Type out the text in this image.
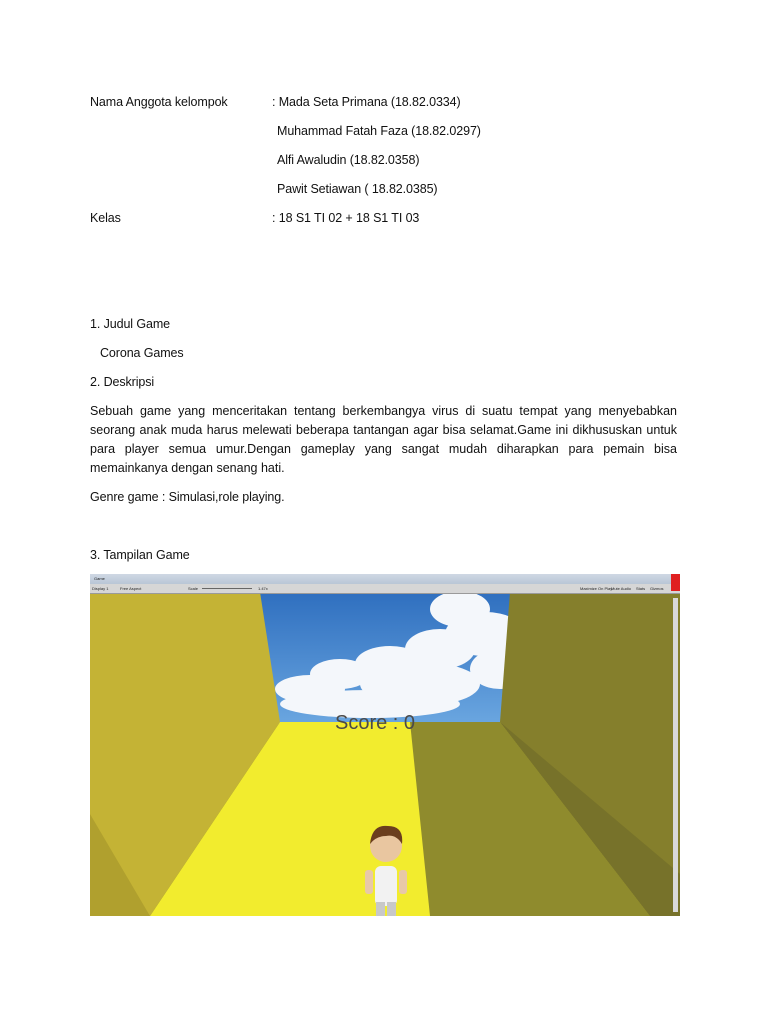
Nama Anggota kelompok	: Mada Seta Primana (18.82.0334)
Muhammad Fatah Faza (18.82.0297)
Alfi Awaludin (18.82.0358)
Pawit Setiawan ( 18.82.0385)
Kelas	: 18 S1 TI 02 + 18 S1 TI 03
1. Judul Game
Corona Games
2. Deskripsi
Sebuah game yang menceritakan tentang berkembangya virus di suatu tempat yang menyebabkan seorang anak muda harus melewati beberapa tantangan agar bisa selamat.Game ini dikhususkan untuk para player semua umur.Dengan gameplay yang sangat mudah diharapkan para pemain bisa memainkanya dengan senang hati.
Genre game : Simulasi,role playing.
3. Tampilan Game
Game
Display 1	Free Aspect	Scale	1.47x	Maximize On Play
Mute Audio Stats Gizmos
Score : 0
